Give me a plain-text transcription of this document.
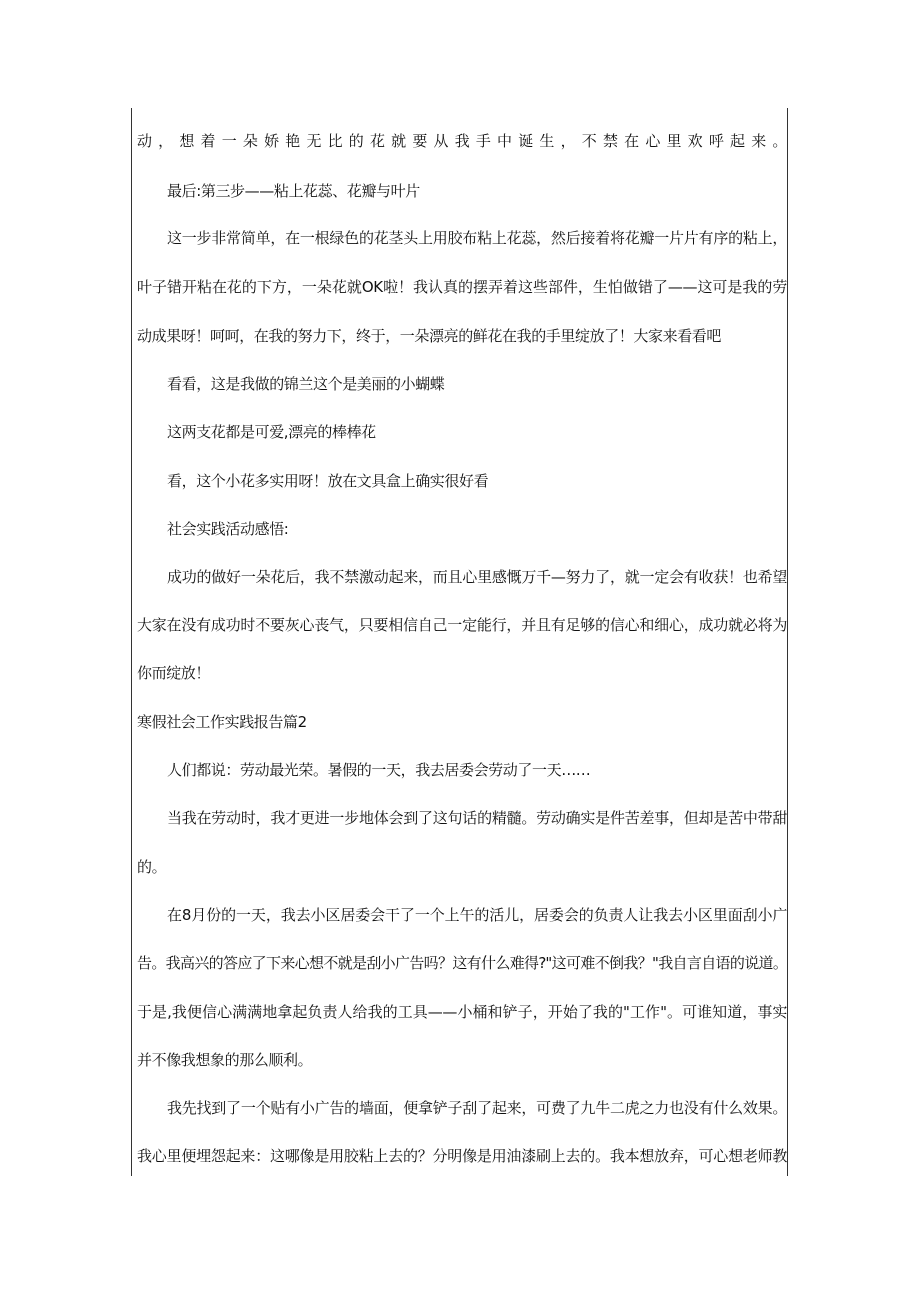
动，想着一朵娇艳无比的花就要从我手中诞生，不禁在心里欢呼起来。
最后:第三步——粘上花蕊、花瓣与叶片
这一步非常简单，在一根绿色的花茎头上用胶布粘上花蕊，然后接着将花瓣一片片有序的粘上，
叶子错开粘在花的下方，一朵花就OK啦！我认真的摆弄着这些部件，生怕做错了——这可是我的劳
动成果呀！呵呵，在我的努力下，终于，一朵漂亮的鲜花在我的手里绽放了！大家来看看吧
看看，这是我做的锦兰这个是美丽的小蝴蝶
这两支花都是可爱,漂亮的棒棒花
看，这个小花多实用呀！放在文具盒上确实很好看
社会实践活动感悟:
成功的做好一朵花后，我不禁激动起来，而且心里感慨万千—努力了，就一定会有收获！也希望
大家在没有成功时不要灰心丧气，只要相信自己一定能行，并且有足够的信心和细心，成功就必将为
你而绽放！
寒假社会工作实践报告篇2
人们都说：劳动最光荣。暑假的一天，我去居委会劳动了一天……
当我在劳动时，我才更进一步地体会到了这句话的精髓。劳动确实是件苦差事，但却是苦中带甜
的。
在8月份的一天，我去小区居委会干了一个上午的活儿，居委会的负责人让我去小区里面刮小广
告。我高兴的答应了下来心想不就是刮小广告吗？这有什么难得?"这可难不倒我？"我自言自语的说道。
于是,我便信心满满地拿起负责人给我的工具——小桶和铲子，开始了我的"工作"。可谁知道，事实
并不像我想象的那么顺利。
我先找到了一个贴有小广告的墙面，便拿铲子刮了起来，可费了九牛二虎之力也没有什么效果。
我心里便埋怨起来：这哪像是用胶粘上去的？分明像是用油漆刷上去的。我本想放弃，可心想老师教
